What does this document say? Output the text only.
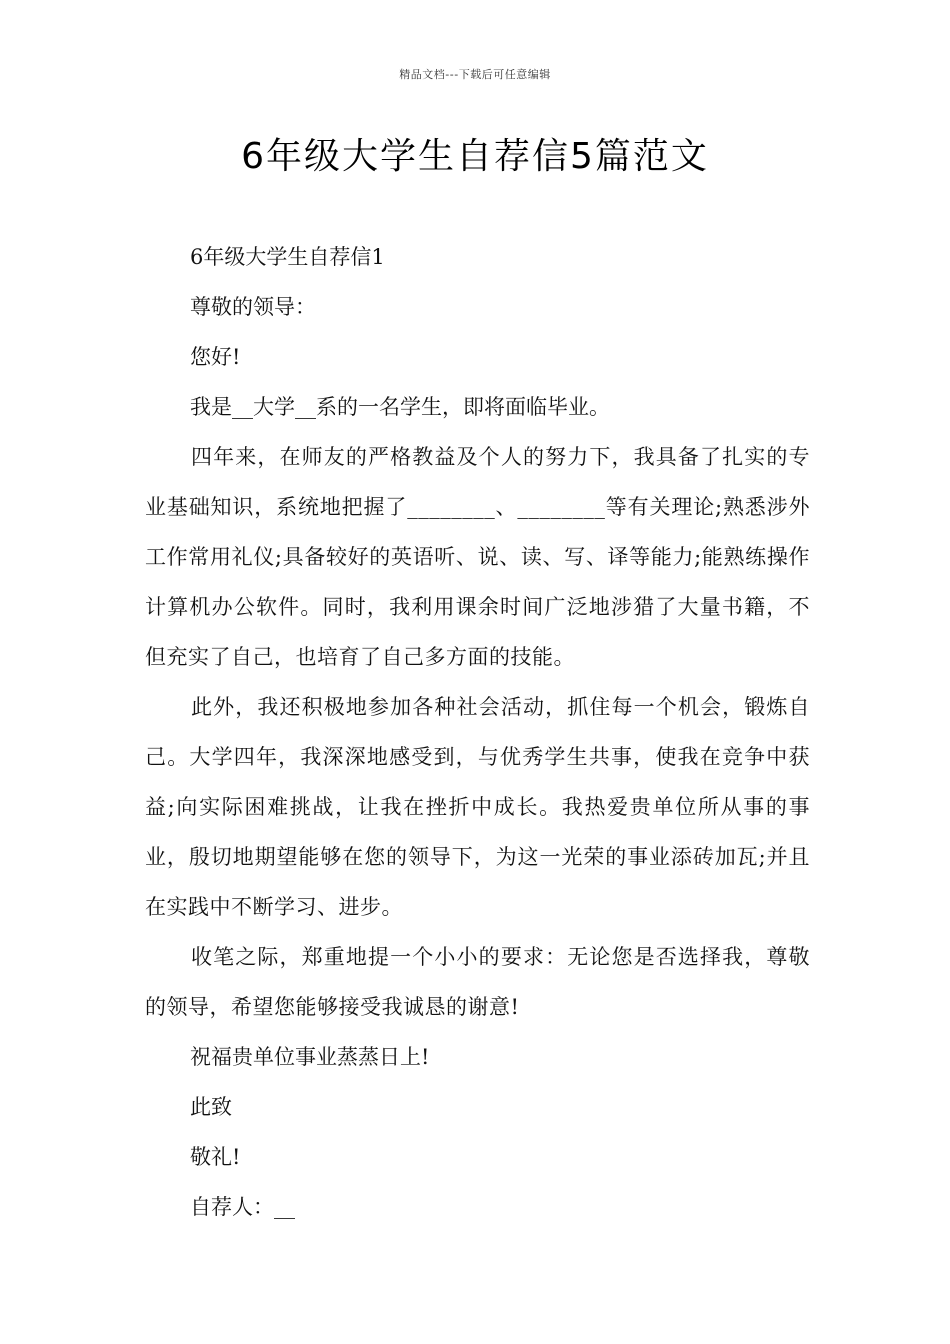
精品文档---下载后可任意编辑
6年级大学生自荐信5篇范文

6年级大学生自荐信1

尊敬的领导：

您好!

我是__大学__系的一名学生，即将面临毕业。

四年来，在师友的严格教益及个人的努力下，我具备了扎实的专业基础知识，系统地把握了________、________等有关理论;熟悉涉外工作常用礼仪;具备较好的英语听、说、读、写、译等能力;能熟练操作计算机办公软件。同时，我利用课余时间广泛地涉猎了大量书籍，不但充实了自己，也培育了自己多方面的技能。

此外，我还积极地参加各种社会活动，抓住每一个机会，锻炼自己。大学四年，我深深地感受到，与优秀学生共事，使我在竞争中获益;向实际困难挑战，让我在挫折中成长。我热爱贵单位所从事的事业，殷切地期望能够在您的领导下，为这一光荣的事业添砖加瓦;并且在实践中不断学习、进步。

收笔之际，郑重地提一个小小的要求：无论您是否选择我，尊敬的领导，希望您能够接受我诚恳的谢意!

祝福贵单位事业蒸蒸日上!

此致

敬礼!

自荐人：__
